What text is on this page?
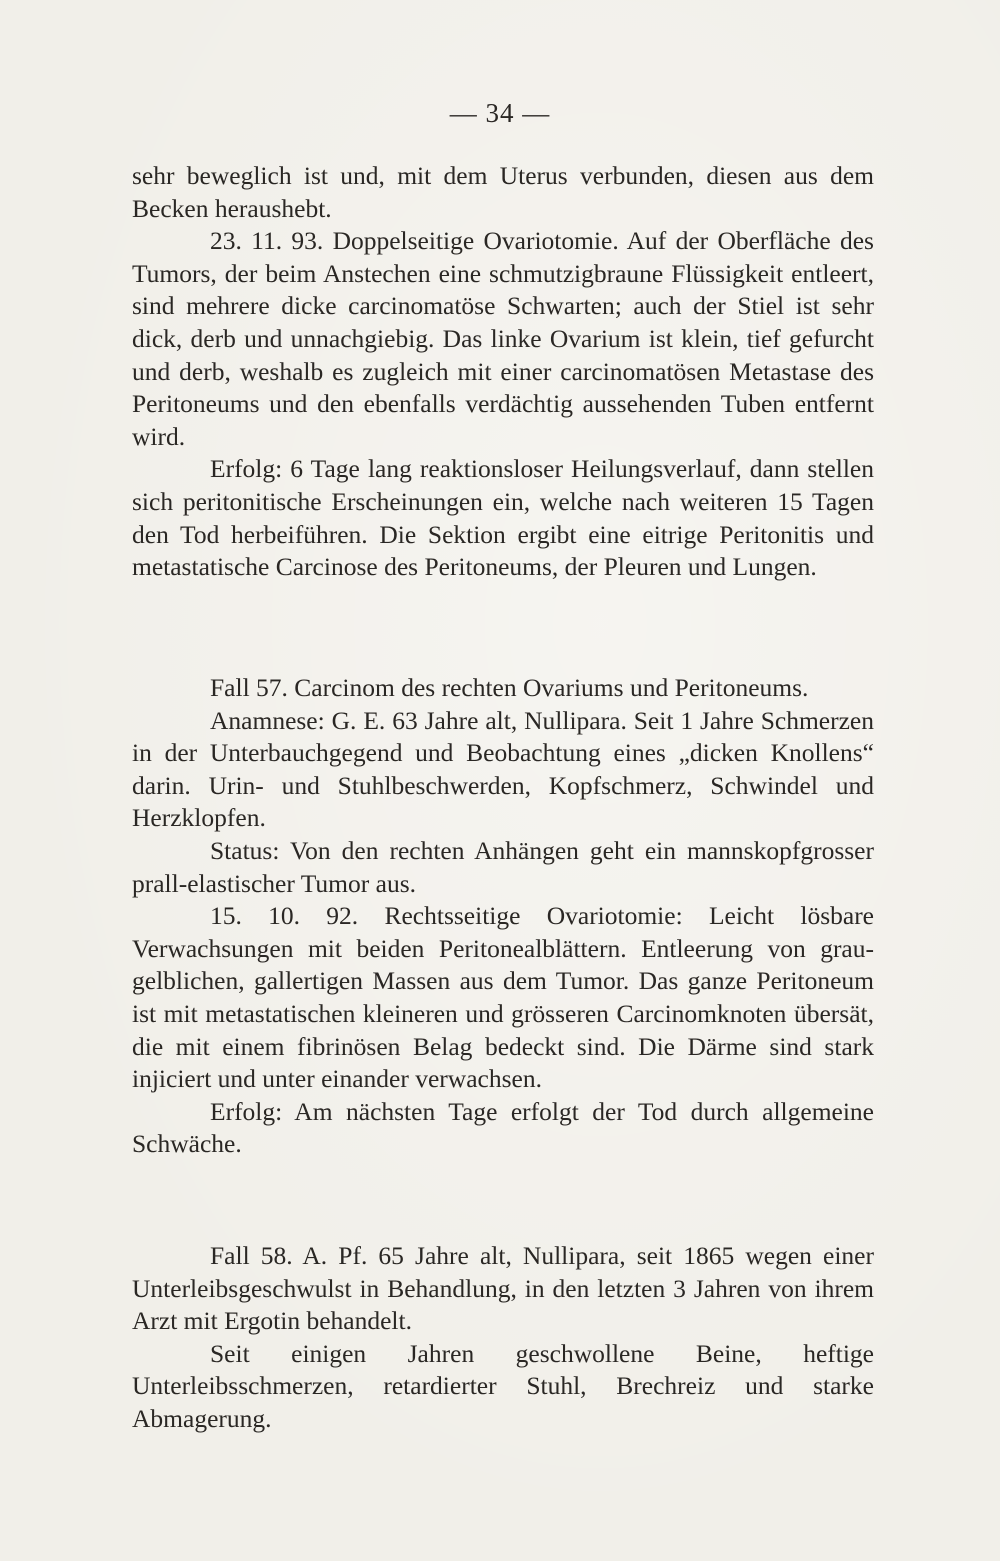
— 34 —

sehr beweglich ist und, mit dem Uterus verbunden, diesen aus dem Becken heraushebt.

23. 11. 93. Doppelseitige Ovariotomie. Auf der Oberfläche des Tumors, der beim Anstechen eine schmutzigbraune Flüssigkeit entleert, sind mehrere dicke carcinomatöse Schwarten; auch der Stiel ist sehr dick, derb und unnachgiebig. Das linke Ovarium ist klein, tief gefurcht und derb, weshalb es zugleich mit einer carcinomatösen Metastase des Peritoneums und den ebenfalls verdächtig aussehenden Tuben entfernt wird.

Erfolg: 6 Tage lang reaktionsloser Heilungsverlauf, dann stellen sich peritonitische Erscheinungen ein, welche nach weiteren 15 Tagen den Tod herbeiführen. Die Sektion ergibt eine eitrige Peritonitis und metastatische Carcinose des Peritoneums, der Pleuren und Lungen.

Fall 57. Carcinom des rechten Ovariums und Peritoneums.

Anamnese: G. E. 63 Jahre alt, Nullipara. Seit 1 Jahre Schmerzen in der Unterbauchgegend und Beobachtung eines „dicken Knollens“ darin. Urin- und Stuhlbeschwerden, Kopfschmerz, Schwindel und Herzklopfen.

Status: Von den rechten Anhängen geht ein mannskopfgrosser prall-elastischer Tumor aus.

15. 10. 92. Rechtsseitige Ovariotomie: Leicht lösbare Verwachsungen mit beiden Peritonealblättern. Entleerung von grau-gelblichen, gallertigen Massen aus dem Tumor. Das ganze Peritoneum ist mit metastatischen kleineren und grösseren Carcinomknoten übersät, die mit einem fibrinösen Belag bedeckt sind. Die Därme sind stark injiciert und unter einander verwachsen.

Erfolg: Am nächsten Tage erfolgt der Tod durch allgemeine Schwäche.

Fall 58. A. Pf. 65 Jahre alt, Nullipara, seit 1865 wegen einer Unterleibsgeschwulst in Behandlung, in den letzten 3 Jahren von ihrem Arzt mit Ergotin behandelt.

Seit einigen Jahren geschwollene Beine, heftige Unterleibsschmerzen, retardierter Stuhl, Brechreiz und starke Abmagerung.
